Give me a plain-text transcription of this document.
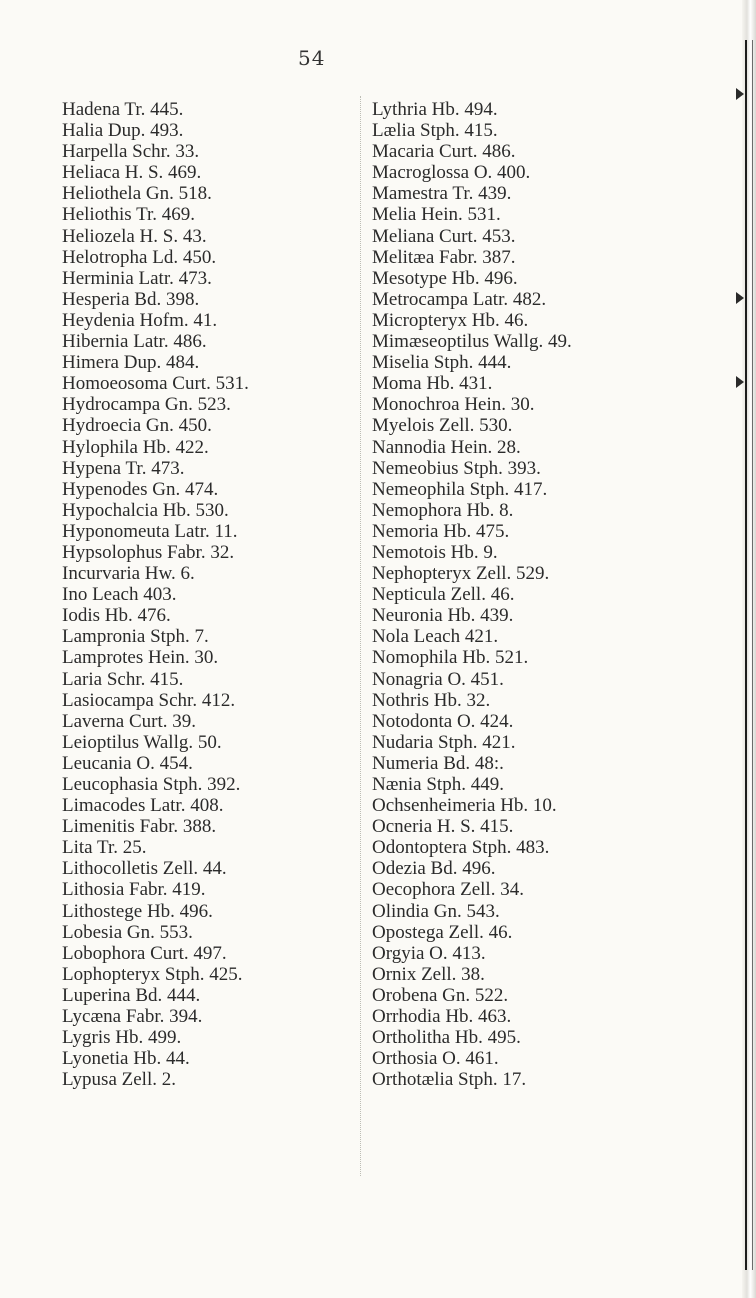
54
Hadena Tr. 445.
Halia Dup. 493.
Harpella Schr. 33.
Heliaca H. S. 469.
Heliothela Gn. 518.
Heliothis Tr. 469.
Heliozela H. S. 43.
Helotropha Ld. 450.
Herminia Latr. 473.
Hesperia Bd. 398.
Heydenia Hofm. 41.
Hibernia Latr. 486.
Himera Dup. 484.
Homoeosoma Curt. 531.
Hydrocampa Gn. 523.
Hydroecia Gn. 450.
Hylophila Hb. 422.
Hypena Tr. 473.
Hypenodes Gn. 474.
Hypochalcia Hb. 530.
Hyponomeuta Latr. 11.
Hypsolophus Fabr. 32.
Incurvaria Hw. 6.
Ino Leach 403.
Iodis Hb. 476.
Lampronia Stph. 7.
Lamprotes Hein. 30.
Laria Schr. 415.
Lasiocampa Schr. 412.
Laverna Curt. 39.
Leioptilus Wallg. 50.
Leucania O. 454.
Leucophasia Stph. 392.
Limacodes Latr. 408.
Limenitis Fabr. 388.
Lita Tr. 25.
Lithocolletis Zell. 44.
Lithosia Fabr. 419.
Lithostege Hb. 496.
Lobesia Gn. 553.
Lobophora Curt. 497.
Lophopteryx Stph. 425.
Luperina Bd. 444.
Lycæna Fabr. 394.
Lygris Hb. 499.
Lyonetia Hb. 44.
Lypusa Zell. 2.
Lythria Hb. 494.
Lælia Stph. 415.
Macaria Curt. 486.
Macroglossa O. 400.
Mamestra Tr. 439.
Melia Hein. 531.
Meliana Curt. 453.
Melitæa Fabr. 387.
Mesotype Hb. 496.
Metrocampa Latr. 482.
Micropteryx Hb. 46.
Mimæseoptilus Wallg. 49.
Miselia Stph. 444.
Moma Hb. 431.
Monochroa Hein. 30.
Myelois Zell. 530.
Nannodia Hein. 28.
Nemeobius Stph. 393.
Nemeophila Stph. 417.
Nemophora Hb. 8.
Nemoria Hb. 475.
Nemotois Hb. 9.
Nephopteryx Zell. 529.
Nepticula Zell. 46.
Neuronia Hb. 439.
Nola Leach 421.
Nomophila Hb. 521.
Nonagria O. 451.
Nothris Hb. 32.
Notodonta O. 424.
Nudaria Stph. 421.
Numeria Bd. 48:.
Nænia Stph. 449.
Ochsenheimeria Hb. 10.
Ocneria H. S. 415.
Odontoptera Stph. 483.
Odezia Bd. 496.
Oecophora Zell. 34.
Olindia Gn. 543.
Opostega Zell. 46.
Orgyia O. 413.
Ornix Zell. 38.
Orobena Gn. 522.
Orrhodia Hb. 463.
Ortholitha Hb. 495.
Orthosia O. 461.
Orthotælia Stph. 17.
